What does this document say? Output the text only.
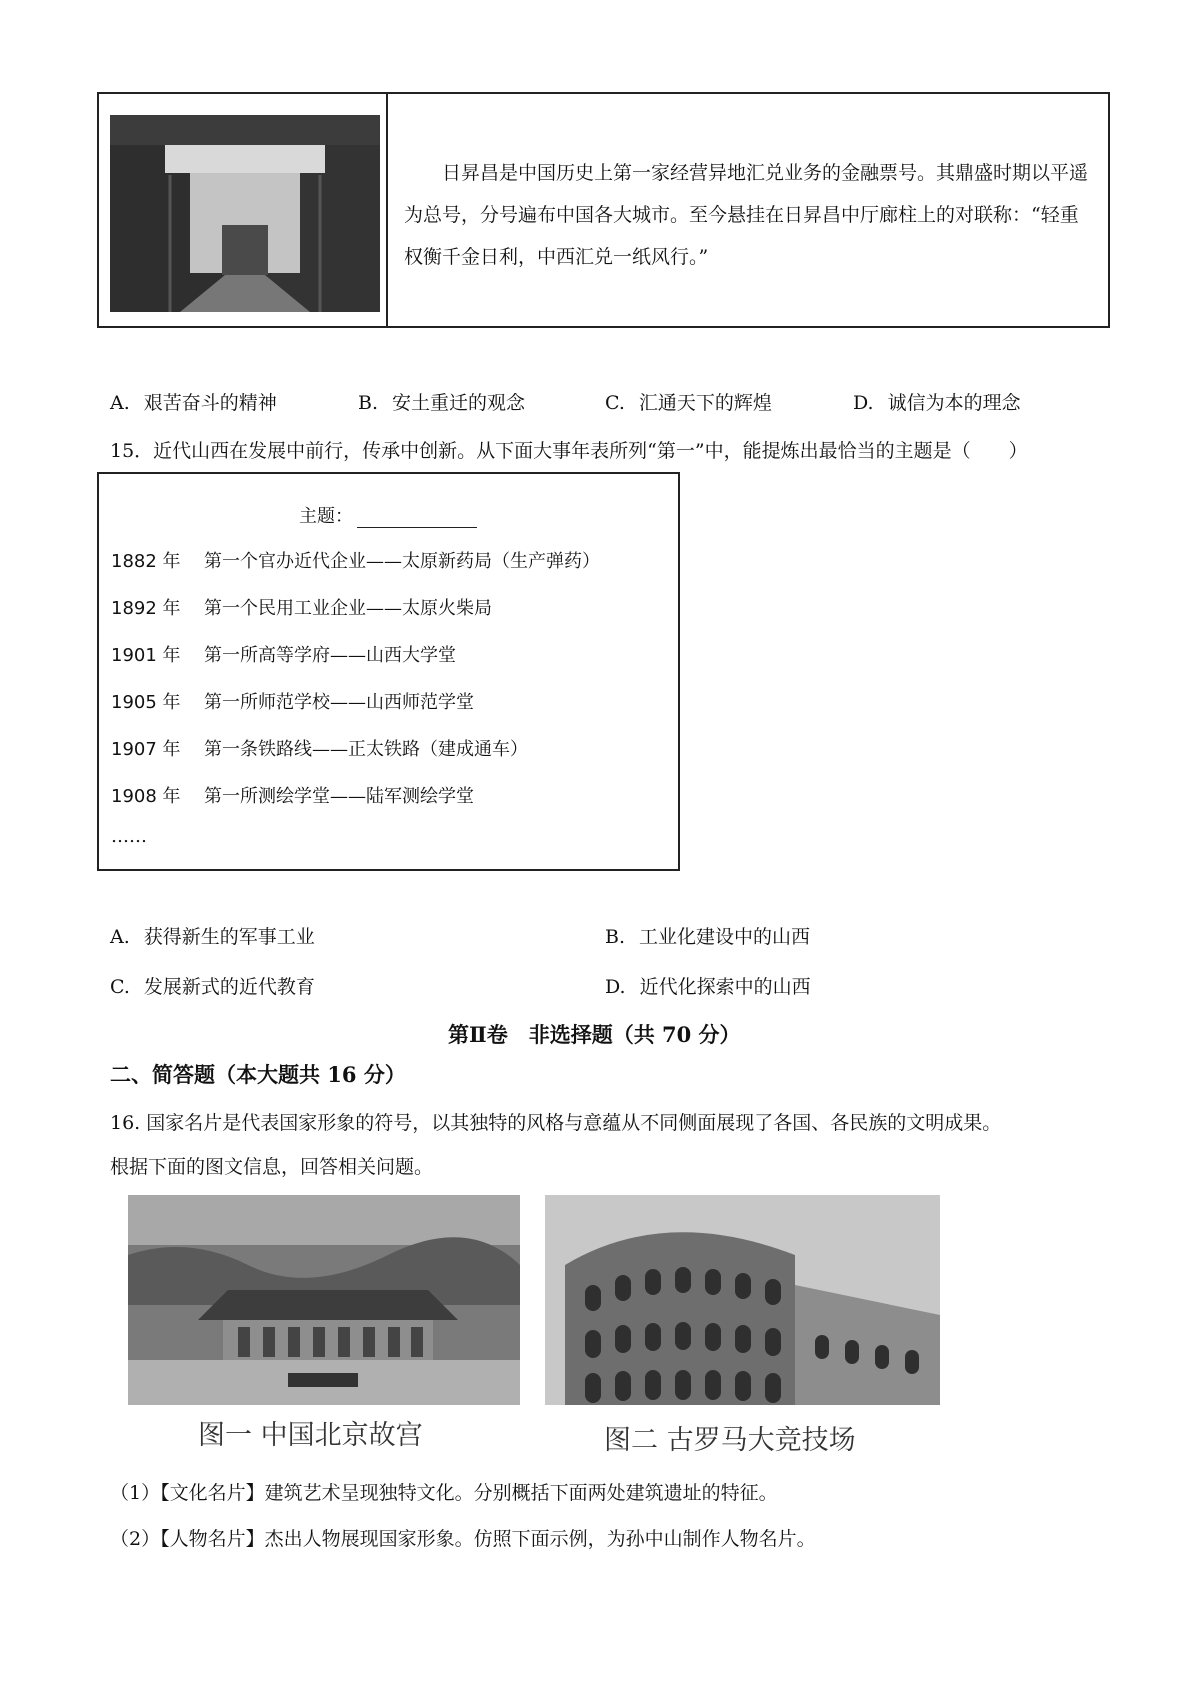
日昇昌是中国历史上第一家经营异地汇兑业务的金融票号。其鼎盛时期以平遥为总号，分号遍布中国各大城市。至今悬挂在日昇昌中厅廊柱上的对联称：“轻重权衡千金日利，中西汇兑一纸风行。”
A. 艰苦奋斗的精神	B. 安土重迁的观念	C. 汇通天下的辉煌	D. 诚信为本的理念
15．近代山西在发展中前行，传承中创新。从下面大事年表所列“第一”中，能提炼出最恰当的主题是（　　）
主题：
1882 年 第一个官办近代企业——太原新药局（生产弹药）
1892 年 第一个民用工业企业——太原火柴局
1901 年 第一所高等学府——山西大学堂
1905 年 第一所师范学校——山西师范学堂
1907 年 第一条铁路线——正太铁路（建成通车）
1908 年 第一所测绘学堂——陆军测绘学堂
……
A. 获得新生的军事工业	B. 工业化建设中的山西
C. 发展新式的近代教育	D. 近代化探索中的山西
第Ⅱ卷　非选择题（共 70 分）
二、简答题（本大题共 16 分）
16. 国家名片是代表国家形象的符号，以其独特的风格与意蕴从不同侧面展现了各国、各民族的文明成果。
根据下面的图文信息，回答相关问题。
图一 中国北京故宫	图二 古罗马大竞技场
（1）【文化名片】建筑艺术呈现独特文化。分别概括下面两处建筑遗址的特征。
（2）【人物名片】杰出人物展现国家形象。仿照下面示例，为孙中山制作人物名片。
